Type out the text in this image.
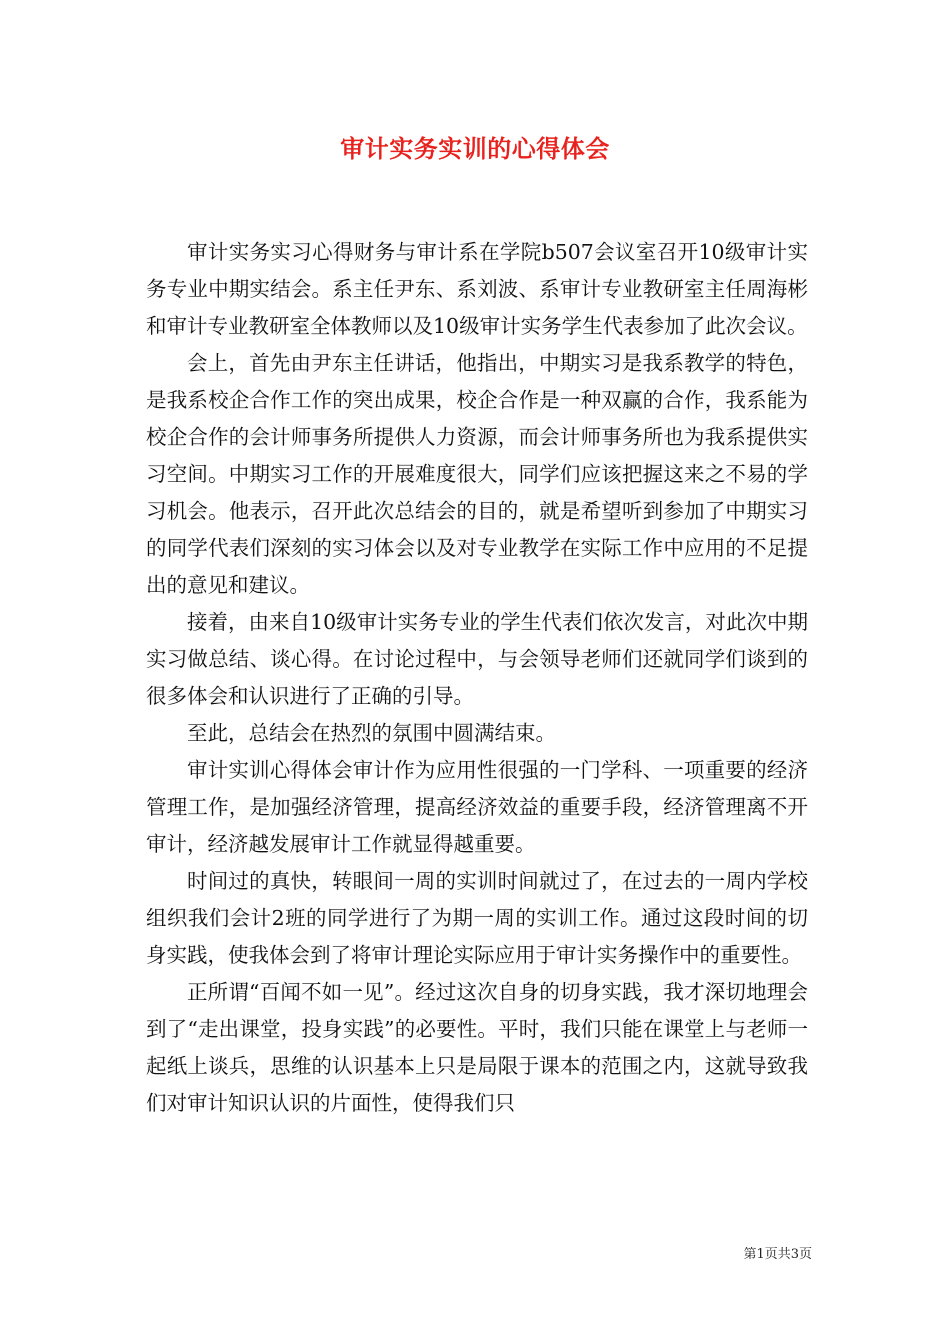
审计实务实训的心得体会

审计实务实习心得财务与审计系在学院b507会议室召开10级审计实务专业中期实结会。系主任尹东、系刘波、系审计专业教研室主任周海彬和审计专业教研室全体教师以及10级审计实务学生代表参加了此次会议。

会上，首先由尹东主任讲话，他指出，中期实习是我系教学的特色，是我系校企合作工作的突出成果，校企合作是一种双赢的合作，我系能为校企合作的会计师事务所提供人力资源，而会计师事务所也为我系提供实习空间。中期实习工作的开展难度很大，同学们应该把握这来之不易的学习机会。他表示，召开此次总结会的目的，就是希望听到参加了中期实习的同学代表们深刻的实习体会以及对专业教学在实际工作中应用的不足提出的意见和建议。

接着，由来自10级审计实务专业的学生代表们依次发言，对此次中期实习做总结、谈心得。在讨论过程中，与会领导老师们还就同学们谈到的很多体会和认识进行了正确的引导。

至此，总结会在热烈的氛围中圆满结束。

审计实训心得体会审计作为应用性很强的一门学科、一项重要的经济管理工作，是加强经济管理，提高经济效益的重要手段，经济管理离不开审计，经济越发展审计工作就显得越重要。

时间过的真快，转眼间一周的实训时间就过了，在过去的一周内学校组织我们会计2班的同学进行了为期一周的实训工作。通过这段时间的切身实践，使我体会到了将审计理论实际应用于审计实务操作中的重要性。

正所谓“百闻不如一见”。经过这次自身的切身实践，我才深切地理会到了“走出课堂，投身实践”的必要性。平时，我们只能在课堂上与老师一起纸上谈兵，思维的认识基本上只是局限于课本的范围之内，这就导致我们对审计知识认识的片面性，使得我们只

第1页共3页
